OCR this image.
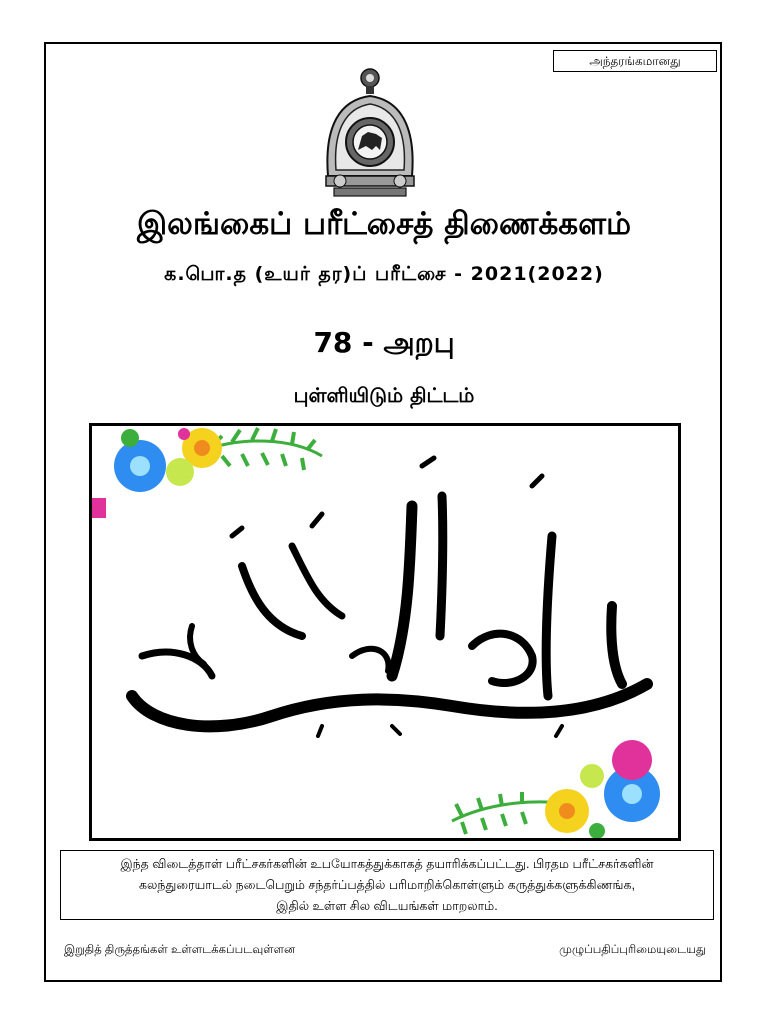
அந்தரங்கமானது
இலங்கைப் பரீட்சைத் திணைக்களம்
க.பொ.த (உயர் தர)ப் பரீட்சை - 2021(2022)
78 - அறபு
புள்ளியிடும் திட்டம்
இந்த விடைத்தாள் பரீட்சகர்களின் உபயோகத்துக்காகத் தயாரிக்கப்பட்டது. பிரதம பரீட்சகர்களின்
கலந்துரையாடல் நடைபெறும் சந்தர்ப்பத்தில் பரிமாறிக்கொள்ளும் கருத்துக்களுக்கிணங்க,
இதில் உள்ள சில விடயங்கள் மாறலாம்.
இறுதித் திருத்தங்கள் உள்ளடக்கப்படவுள்ளன	முழுப்பதிப்புரிமையுடையது
